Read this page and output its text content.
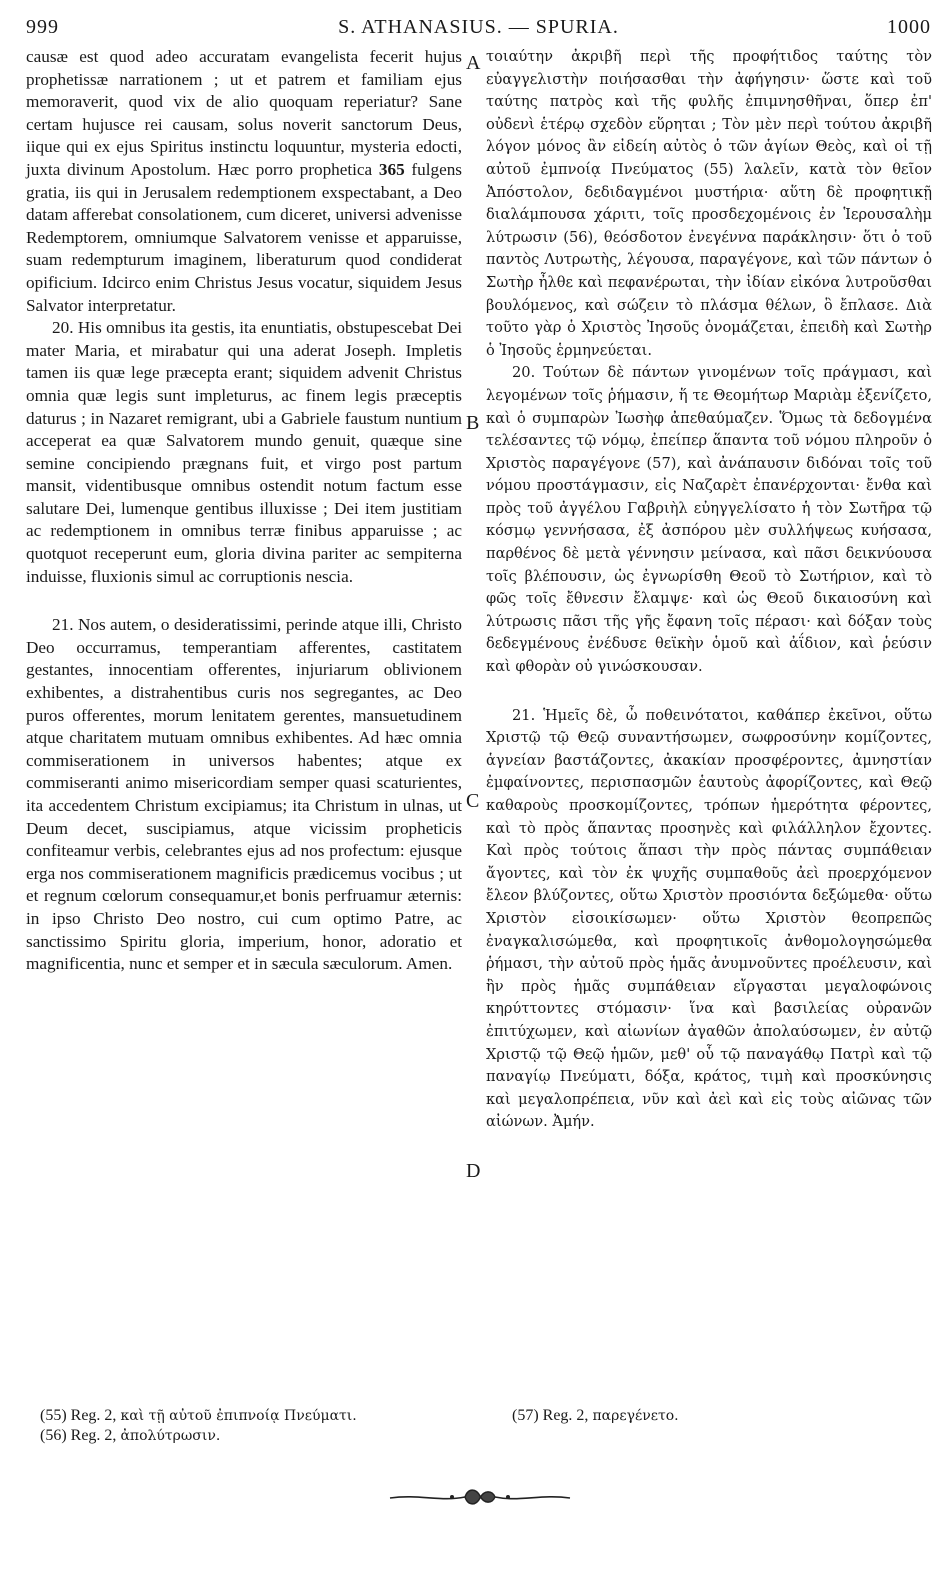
999	S. ATHANASIUS. — SPURIA.	1000

causæ est quod adeo accuratam evangelista fecerit hujus prophetissæ narrationem ; ut et patrem et familiam ejus memoraverit, quod vix de alio quoquam reperiatur? Sane certam hujusce rei causam, solus noverit sanctorum Deus, iique qui ex ejus Spiritus instinctu loquuntur, mysteria edocti, juxta divinum Apostolum. Hæc porro prophetica 365 fulgens gratia, iis qui in Jerusalem redemptionem exspectabant, a Deo datam afferebat consolationem, cum diceret, universi advenisse Redemptorem, omniumque Salvatorem venisse et apparuisse, suam redempturum imaginem, liberaturum quod condiderat opificium. Idcirco enim Christus Jesus vocatur, siquidem Jesus Salvator interpretatur.

20. His omnibus ita gestis, ita enuntiatis, obstupescebat Dei mater Maria, et mirabatur qui una aderat Joseph. Impletis tamen iis quæ lege præcepta erant; siquidem advenit Christus omnia quæ legis sunt impleturus, ac finem legis præceptis daturus ; in Nazaret remigrant, ubi a Gabriele faustum nuntium acceperat ea quæ Salvatorem mundo genuit, quæque sine semine concipiendo prægnans fuit, et virgo post partum mansit, videntibusque omnibus ostendit notum factum esse salutare Dei, lumenque gentibus illuxisse ; Dei item justitiam ac redemptionem in omnibus terræ finibus apparuisse ; ac quotquot receperunt eum, gloria divina pariter ac sempiterna induisse, fluxionis simul ac corruptionis nescia.

21. Nos autem, o desideratissimi, perinde atque illi, Christo Deo occurramus, temperantiam afferentes, castitatem gestantes, innocentiam offerentes, injuriarum oblivionem exhibentes, a distrahentibus curis nos segregantes, ac Deo puros offerentes, morum lenitatem gerentes, mansuetudinem atque charitatem mutuam omnibus exhibentes. Ad hæc omnia commiserationem in universos habentes; atque ex commiseranti animo misericordiam semper quasi scaturientes, ita accedentem Christum excipiamus; ita Christum in ulnas, ut Deum decet, suscipiamus, atque vicissim propheticis confiteamur verbis, celebrantes ejus ad nos profectum: ejusque erga nos commiserationem magnificis prædicemus vocibus ; ut et regnum cœlorum consequamur,et bonis perfruamur æternis: in ipso Christo Deo nostro, cui cum optimo Patre, ac sanctissimo Spiritu gloria, imperium, honor, adoratio et magnificentia, nunc et semper et in sæcula sæculorum. Amen.

τοιαύτην ἀκριβῆ περὶ τῆς προφήτιδος ταύτης τὸν εὐαγγελιστὴν ποιήσασθαι τὴν ἀφήγησιν· ὥστε καὶ τοῦ ταύτης πατρὸς καὶ τῆς φυλῆς ἐπιμνησθῆναι, ὅπερ ἐπ' οὐδενὶ ἑτέρῳ σχεδὸν εὕρηται ; Τὸν μὲν περὶ τούτου ἀκριβῆ λόγον μόνος ἂν εἰδείη αὐτὸς ὁ τῶν ἁγίων Θεὸς, καὶ οἱ τῇ αὐτοῦ ἐμπνοίᾳ Πνεύματος (55) λαλεῖν, κατὰ τὸν θεῖον Ἀπόστολον, δεδιδαγμένοι μυστήρια· αὕτη δὲ προφητικῇ διαλάμπουσα χάριτι, τοῖς προσδεχομένοις ἐν Ἱερουσαλὴμ λύτρωσιν (56), θεόσδοτον ἐνεγέννα παράκλησιν· ὅτι ὁ τοῦ παντὸς Λυτρωτὴς, λέγουσα, παραγέγονε, καὶ τῶν πάντων ὁ Σωτὴρ ἦλθε καὶ πεφανέρωται, τὴν ἰδίαν εἰκόνα λυτροῦσθαι βουλόμενος, καὶ σώζειν τὸ πλάσμα θέλων, ὃ ἔπλασε. Διὰ τοῦτο γὰρ ὁ Χριστὸς Ἰησοῦς ὀνομάζεται, ἐπειδὴ καὶ Σωτὴρ ὁ Ἰησοῦς ἑρμηνεύεται.

20. Τούτων δὲ πάντων γινομένων τοῖς πράγμασι, καὶ λεγομένων τοῖς ῥήμασιν, ἥ τε Θεομήτωρ Μαριὰμ ἐξενίζετο, καὶ ὁ συμπαρὼν Ἰωσὴφ ἀπεθαύμαζεν. Ὅμως τὰ δεδογμένα τελέσαντες τῷ νόμῳ, ἐπείπερ ἅπαντα τοῦ νόμου πληροῦν ὁ Χριστὸς παραγέγονε (57), καὶ ἀνάπαυσιν διδόναι τοῖς τοῦ νόμου προστάγμασιν, εἰς Ναζαρὲτ ἐπανέρχονται· ἔνθα καὶ πρὸς τοῦ ἀγγέλου Γαβριὴλ εὐηγγελίσατο ἡ τὸν Σωτῆρα τῷ κόσμῳ γεννήσασα, ἐξ ἀσπόρου μὲν συλλήψεως κυήσασα, παρθένος δὲ μετὰ γέννησιν μείνασα, καὶ πᾶσι δεικνύουσα τοῖς βλέπουσιν, ὡς ἐγνωρίσθη Θεοῦ τὸ Σωτήριον, καὶ τὸ φῶς τοῖς ἔθνεσιν ἔλαμψε· καὶ ὡς Θεοῦ δικαιοσύνη καὶ λύτρωσις πᾶσι τῆς γῆς ἔφανη τοῖς πέρασι· καὶ δόξαν τοὺς δεδεγμένους ἐνέδυσε θεϊκὴν ὁμοῦ καὶ ἀΐδιον, καὶ ῥεύσιν καὶ φθορὰν οὐ γινώσκουσαν.

21. Ἡμεῖς δὲ, ὦ ποθεινότατοι, καθάπερ ἐκεῖνοι, οὕτω Χριστῷ τῷ Θεῷ συναντήσωμεν, σωφροσύνην κομίζοντες, ἁγνείαν βαστάζοντες, ἀκακίαν προσφέροντες, ἀμνηστίαν ἐμφαίνοντες, περισπασμῶν ἑαυτοὺς ἀφορίζοντες, καὶ Θεῷ καθαροὺς προσκομίζοντες, τρόπων ἡμερότητα φέροντες, καὶ τὸ πρὸς ἅπαντας προσηνὲς καὶ φιλάλληλον ἔχοντες. Καὶ πρὸς τούτοις ἅπασι τὴν πρὸς πάντας συμπάθειαν ἄγοντες, καὶ τὸν ἐκ ψυχῆς συμπαθοῦς ἀεὶ προερχόμενον ἔλεον βλύζοντες, οὕτω Χριστὸν προσιόντα δεξώμεθα· οὕτω Χριστὸν εἰσοικίσωμεν· οὕτω Χριστὸν θεοπρεπῶς ἐναγκαλισώμεθα, καὶ προφητικοῖς ἀνθομολογησώμεθα ῥήμασι, τὴν αὐτοῦ πρὸς ἡμᾶς ἀνυμνοῦντες προέλευσιν, καὶ ἣν πρὸς ἡμᾶς συμπάθειαν εἴργασται μεγαλοφώνοις κηρύττοντες στόμασιν· ἵνα καὶ βασιλείας οὐρανῶν ἐπιτύχωμεν, καὶ αἰωνίων ἀγαθῶν ἀπολαύσωμεν, ἐν αὐτῷ Χριστῷ τῷ Θεῷ ἡμῶν, μεθ' οὗ τῷ παναγάθῳ Πατρὶ καὶ τῷ παναγίῳ Πνεύματι, δόξα, κράτος, τιμὴ καὶ προσκύνησις καὶ μεγαλοπρέπεια, νῦν καὶ ἀεὶ καὶ εἰς τοὺς αἰῶνας τῶν αἰώνων. Ἀμήν.

A
B
C
D
(55) Reg. 2, καὶ τῇ αὐτοῦ ἐπιπνοίᾳ Πνεύματι.
(56) Reg. 2, ἀπολύτρωσιν.
(57) Reg. 2, παρεγένετο.
